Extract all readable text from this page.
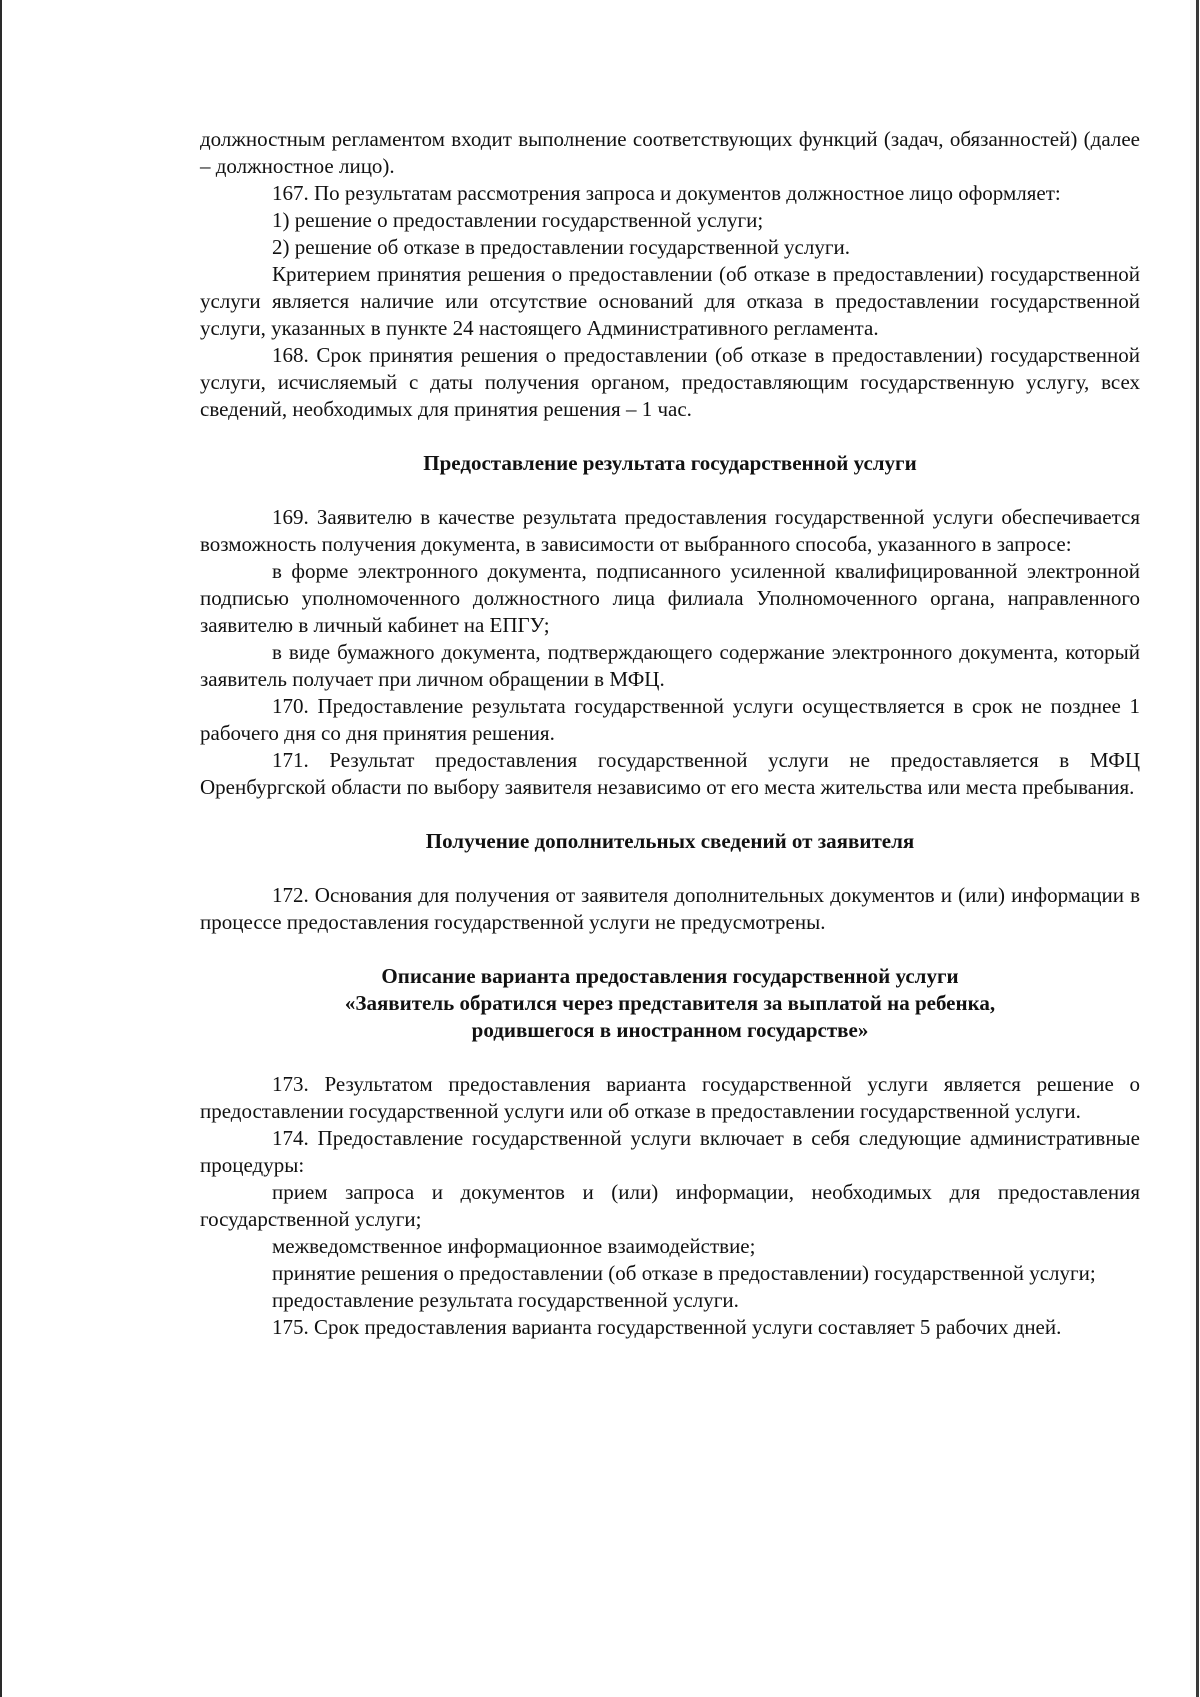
должностным регламентом входит выполнение соответствующих функций (задач, обязанностей) (далее – должностное лицо).

167. По результатам рассмотрения запроса и документов должностное лицо оформляет:

1) решение о предоставлении государственной услуги;

2) решение об отказе в предоставлении государственной услуги.

Критерием принятия решения о предоставлении (об отказе в предоставлении) государственной услуги является наличие или отсутствие оснований для отказа в предоставлении государственной услуги, указанных в пункте 24 настоящего Административного регламента.

168. Срок принятия решения о предоставлении (об отказе в предоставлении) государственной услуги, исчисляемый с даты получения органом, предоставляющим государственную услугу, всех сведений, необходимых для принятия решения – 1 час.

Предоставление результата государственной услуги

169. Заявителю в качестве результата предоставления государственной услуги обеспечивается возможность получения документа, в зависимости от выбранного способа, указанного в запросе:

в форме электронного документа, подписанного усиленной квалифицированной электронной подписью уполномоченного должностного лица филиала Уполномоченного органа, направленного заявителю в личный кабинет на ЕПГУ;

в виде бумажного документа, подтверждающего содержание электронного документа, который заявитель получает при личном обращении в МФЦ.

170. Предоставление результата государственной услуги осуществляется в срок не позднее 1 рабочего дня со дня принятия решения.

171. Результат предоставления государственной услуги не предоставляется в МФЦ Оренбургской области по выбору заявителя независимо от его места жительства или места пребывания.

Получение дополнительных сведений от заявителя

172. Основания для получения от заявителя дополнительных документов и (или) информации в процессе предоставления государственной услуги не предусмотрены.

Описание варианта предоставления государственной услуги

«Заявитель обратился через представителя за выплатой на ребенка,

родившегося в иностранном государстве»

173. Результатом предоставления варианта государственной услуги является решение о предоставлении государственной услуги или об отказе в предоставлении государственной услуги.

174. Предоставление государственной услуги включает в себя следующие административные процедуры:

прием запроса и документов и (или) информации, необходимых для предоставления государственной услуги;

межведомственное информационное взаимодействие;

принятие решения о предоставлении (об отказе в предоставлении) государственной услуги;

предоставление результата государственной услуги.

175. Срок предоставления варианта государственной услуги составляет 5 рабочих дней.
